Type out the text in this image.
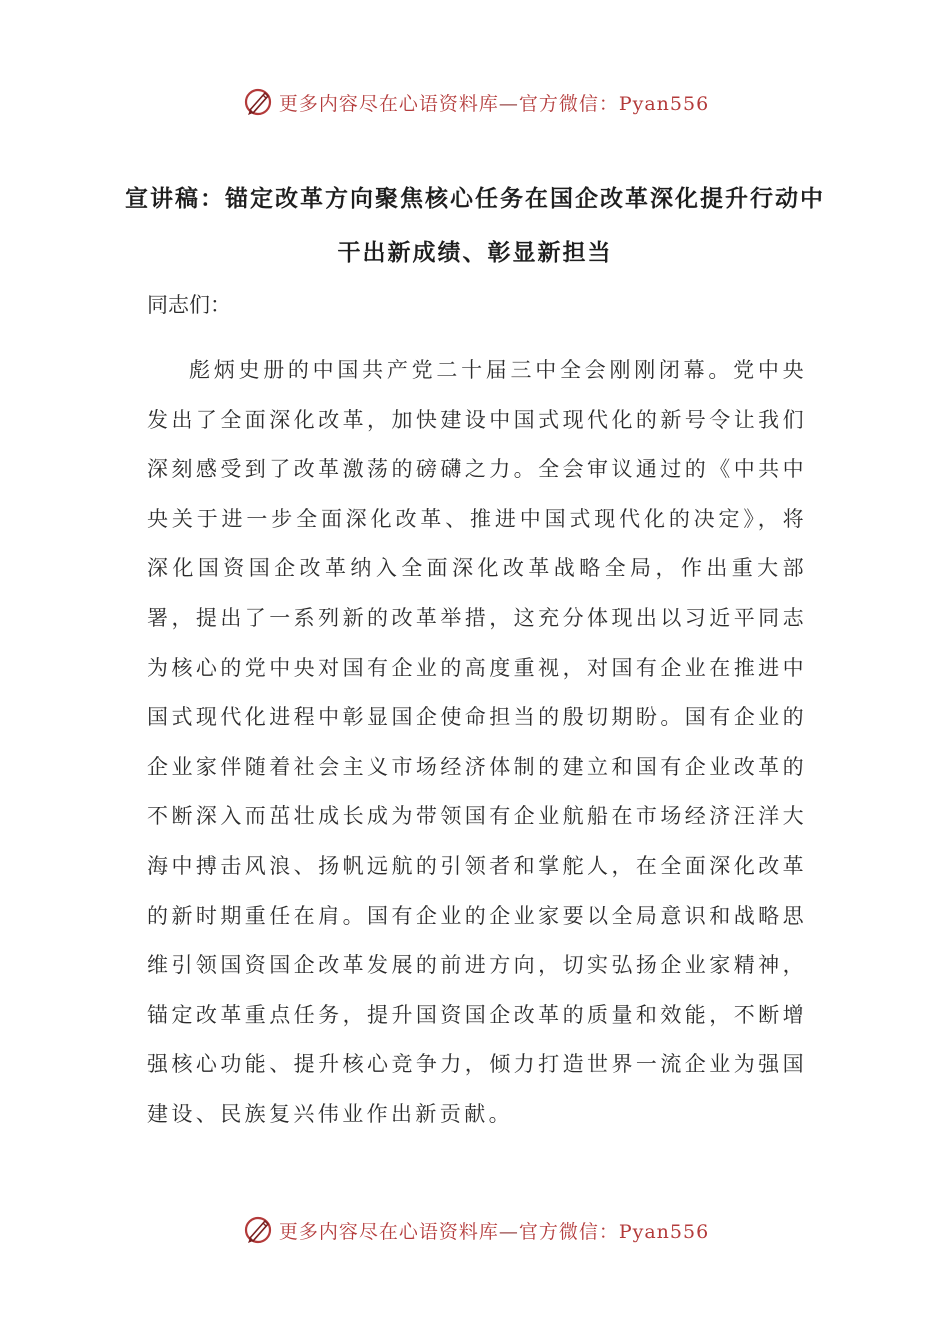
更多内容尽在心语资料库—官方微信：Pyan556
宣讲稿：锚定改革方向聚焦核心任务在国企改革深化提升行动中干出新成绩、彰显新担当
同志们：

彪炳史册的中国共产党二十届三中全会刚刚闭幕。党中央发出了全面深化改革，加快建设中国式现代化的新号令让我们深刻感受到了改革激荡的磅礴之力。全会审议通过的《中共中央关于进一步全面深化改革、推进中国式现代化的决定》，将深化国资国企改革纳入全面深化改革战略全局，作出重大部署，提出了一系列新的改革举措，这充分体现出以习近平同志为核心的党中央对国有企业的高度重视，对国有企业在推进中国式现代化进程中彰显国企使命担当的殷切期盼。国有企业的企业家伴随着社会主义市场经济体制的建立和国有企业改革的不断深入而茁壮成长成为带领国有企业航船在市场经济汪洋大海中搏击风浪、扬帆远航的引领者和掌舵人，在全面深化改革的新时期重任在肩。国有企业的企业家要以全局意识和战略思维引领国资国企改革发展的前进方向，切实弘扬企业家精神，锚定改革重点任务，提升国资国企改革的质量和效能，不断增强核心功能、提升核心竞争力，倾力打造世界一流企业为强国建设、民族复兴伟业作出新贡献。

更多内容尽在心语资料库—官方微信：Pyan556
